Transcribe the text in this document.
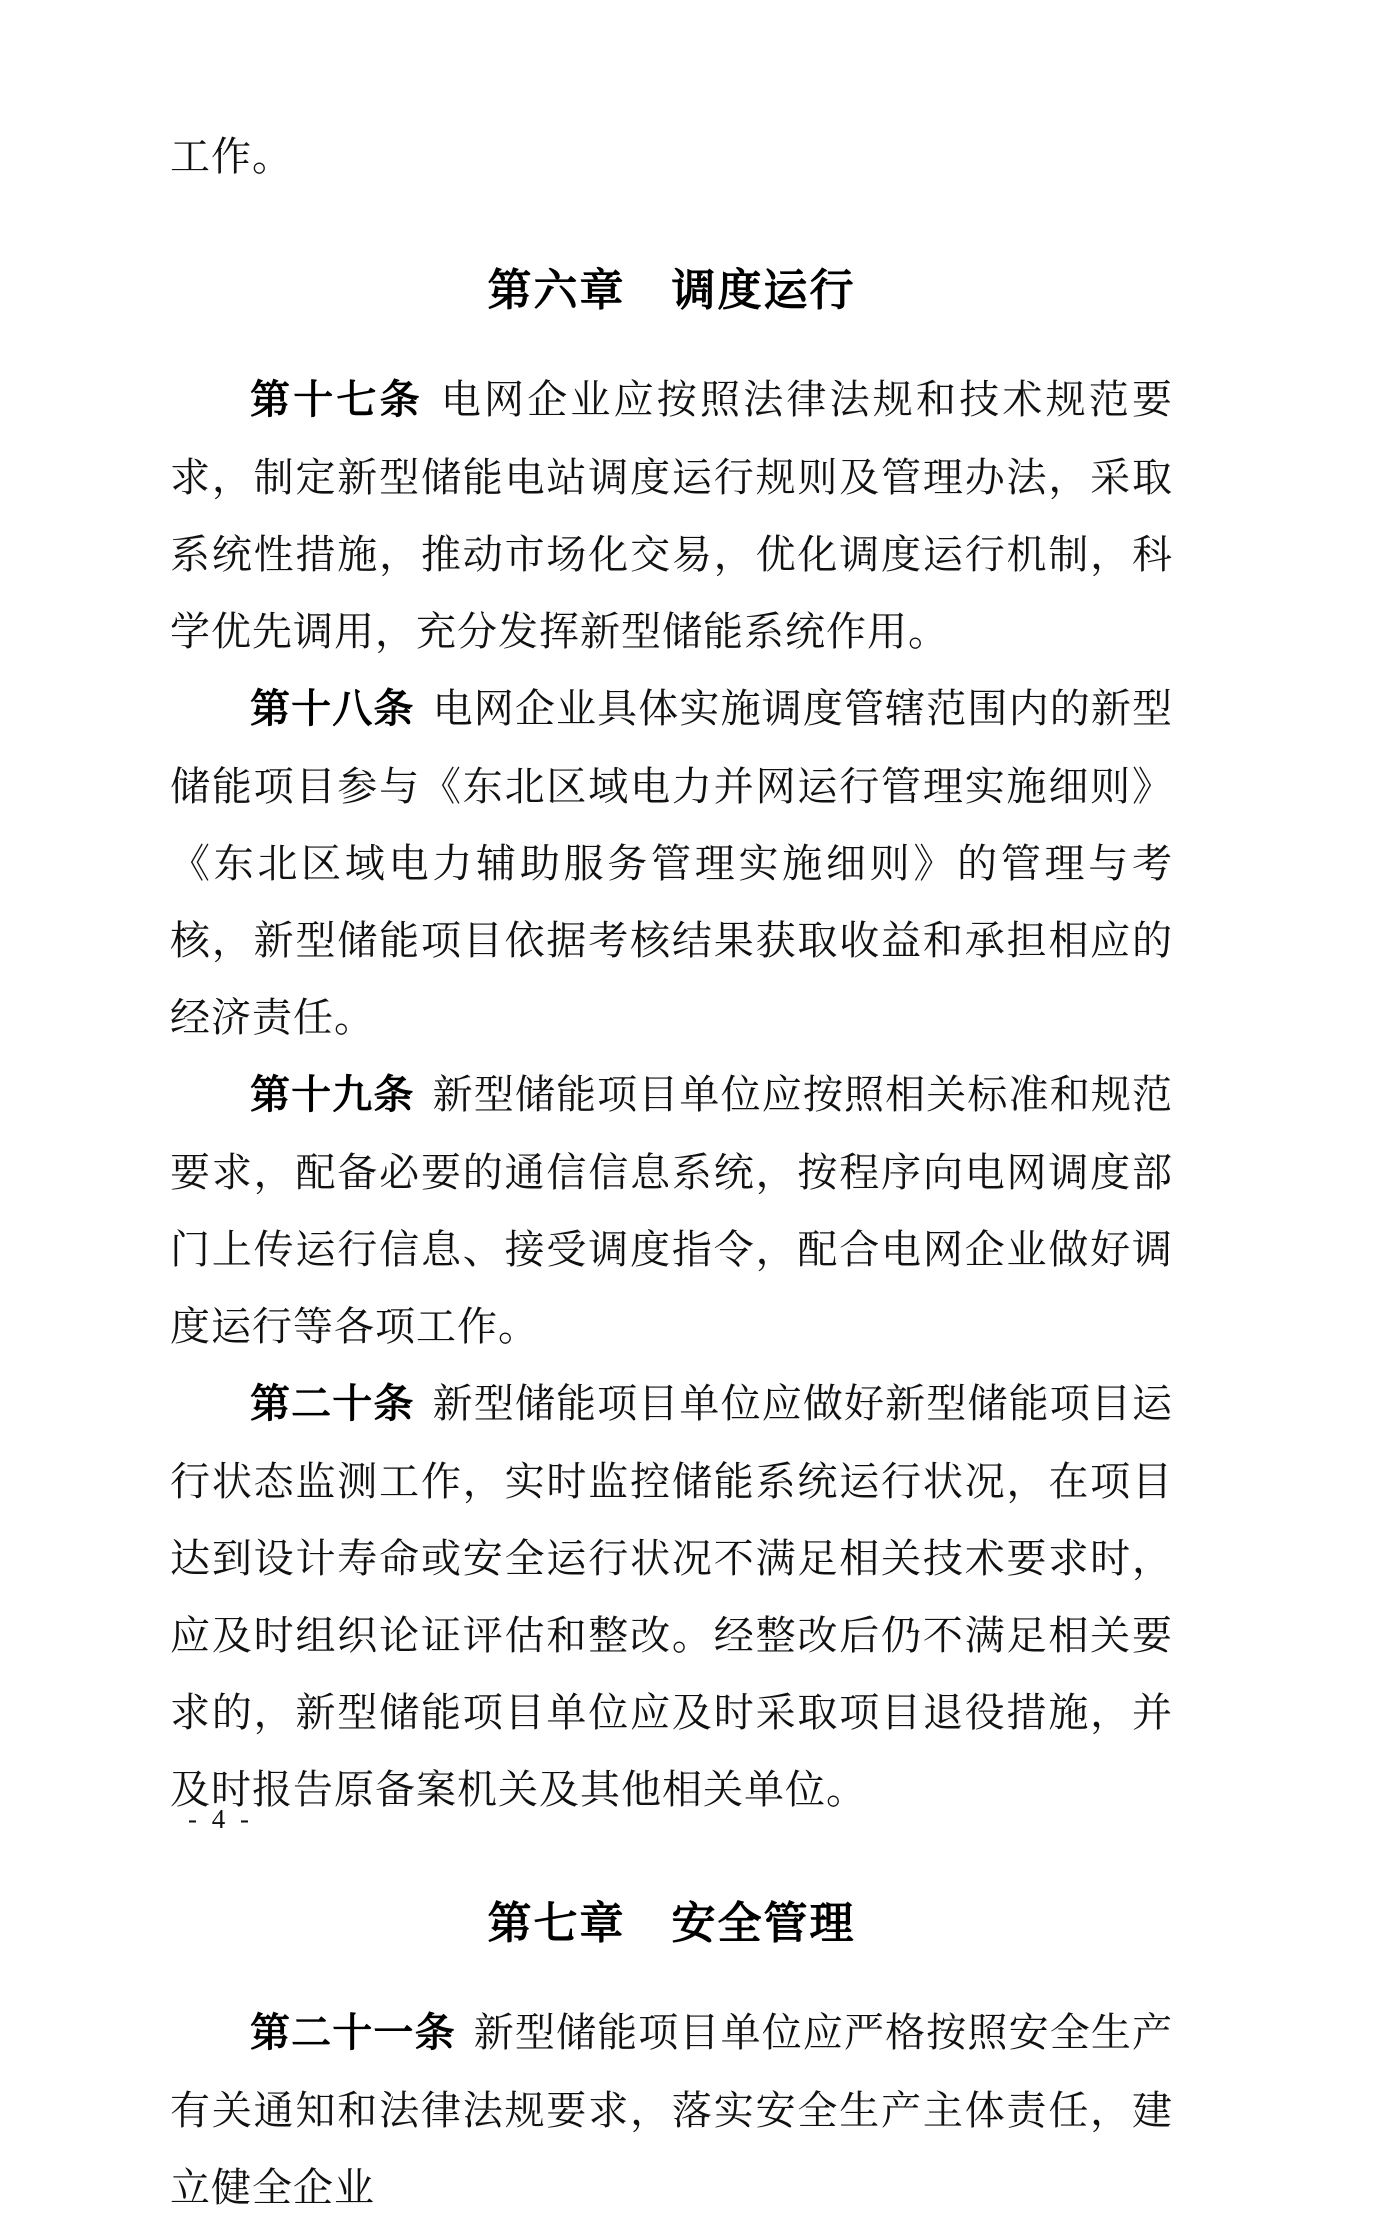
工作。

第六章　调度运行

第十七条 电网企业应按照法律法规和技术规范要求，制定新型储能电站调度运行规则及管理办法，采取系统性措施，推动市场化交易，优化调度运行机制，科学优先调用，充分发挥新型储能系统作用。

第十八条 电网企业具体实施调度管辖范围内的新型储能项目参与《东北区域电力并网运行管理实施细则》《东北区域电力辅助服务管理实施细则》的管理与考核，新型储能项目依据考核结果获取收益和承担相应的经济责任。

第十九条 新型储能项目单位应按照相关标准和规范要求，配备必要的通信信息系统，按程序向电网调度部门上传运行信息、接受调度指令，配合电网企业做好调度运行等各项工作。

第二十条 新型储能项目单位应做好新型储能项目运行状态监测工作，实时监控储能系统运行状况，在项目达到设计寿命或安全运行状况不满足相关技术要求时，应及时组织论证评估和整改。经整改后仍不满足相关要求的，新型储能项目单位应及时采取项目退役措施，并及时报告原备案机关及其他相关单位。

第七章　安全管理

第二十一条 新型储能项目单位应严格按照安全生产有关通知和法律法规要求，落实安全生产主体责任，建立健全企业

- 4 -
